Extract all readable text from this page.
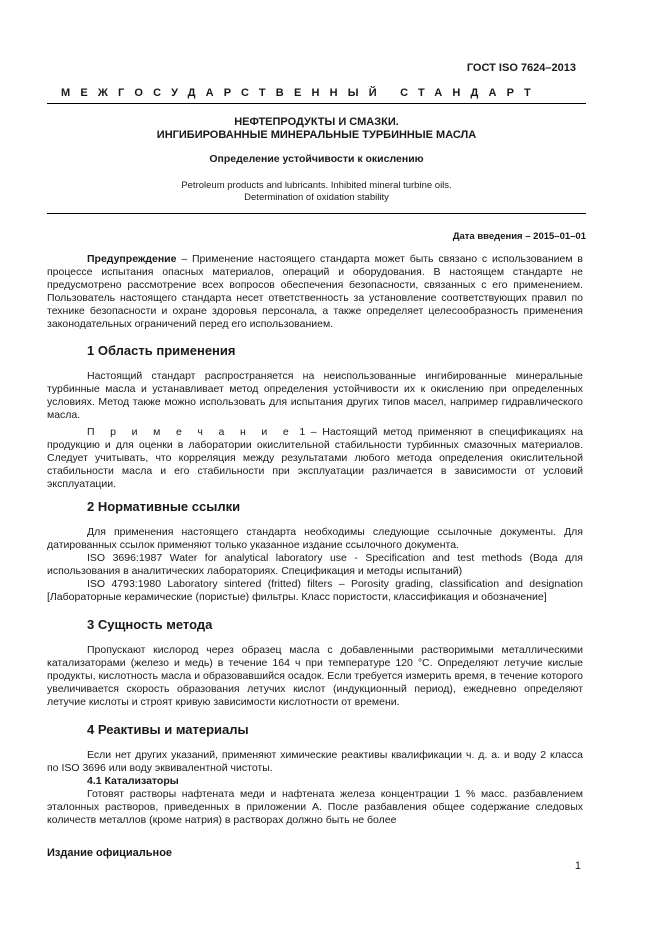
ГОСТ ISO 7624–2013
МЕЖГОСУДАРСТВЕННЫЙ СТАНДАРТ
НЕФТЕПРОДУКТЫ И СМАЗКИ.
ИНГИБИРОВАННЫЕ МИНЕРАЛЬНЫЕ ТУРБИННЫЕ МАСЛА
Определение устойчивости к окислению
Petroleum products and lubricants. Inhibited mineral turbine oils.
Determination of oxidation stability
Дата введения – 2015–01–01

Предупреждение – Применение настоящего стандарта может быть связано с использованием в процессе испытания опасных материалов, операций и оборудования. В настоящем стандарте не предусмотрено рассмотрение всех вопросов обеспечения безопасности, связанных с его применением. Пользователь настоящего стандарта несет ответственность за установление соответствующих правил по технике безопасности и охране здоровья персонала, а также определяет целесообразность применения законодательных ограничений перед его использованием.

1 Область применения

Настоящий стандарт распространяется на неиспользованные ингибированные минеральные турбинные масла и устанавливает метод определения устойчивости их к окислению при определенных условиях. Метод также можно использовать для испытания других типов масел, например гидравлического масла.

П р и м е ч а н и е 1 – Настоящий метод применяют в спецификациях на продукцию и для оценки в лаборатории окислительной стабильности турбинных смазочных материалов. Следует учитывать, что корреляция между результатами любого метода определения окислительной стабильности масла и его стабильности при эксплуатации различается в зависимости от условий эксплуатации.

2 Нормативные ссылки

Для применения настоящего стандарта необходимы следующие ссылочные документы. Для датированных ссылок применяют только указанное издание ссылочного документа.

ISO 3696:1987 Water for analytical laboratory use - Specification and test methods (Вода для использования в аналитических лабораториях. Спецификация и методы испытаний)

ISO 4793:1980 Laboratory sintered (fritted) filters – Porosity grading, classification and designation [Лабораторные керамические (пористые) фильтры. Класс пористости, классификация и обозначение]

3 Сущность метода

Пропускают кислород через образец масла с добавленными растворимыми металлическими катализаторами (железо и медь) в течение 164 ч при температуре 120 °С. Определяют летучие кислые продукты, кислотность масла и образовавшийся осадок. Если требуется измерить время, в течение которого увеличивается скорость образования летучих кислот (индукционный период), ежедневно определяют летучие кислоты и строят кривую зависимости кислотности от времени.

4 Реактивы и материалы

Если нет других указаний, применяют химические реактивы квалификации ч. д. а. и воду 2 класса по ISO 3696 или воду эквивалентной чистоты.

4.1 Катализаторы

Готовят растворы нафтената меди и нафтената железа концентрации 1 % масс. разбавлением эталонных растворов, приведенных в приложении А. После разбавления общее содержание следовых количеств металлов (кроме натрия) в растворах должно быть не более

Издание официальное
1
